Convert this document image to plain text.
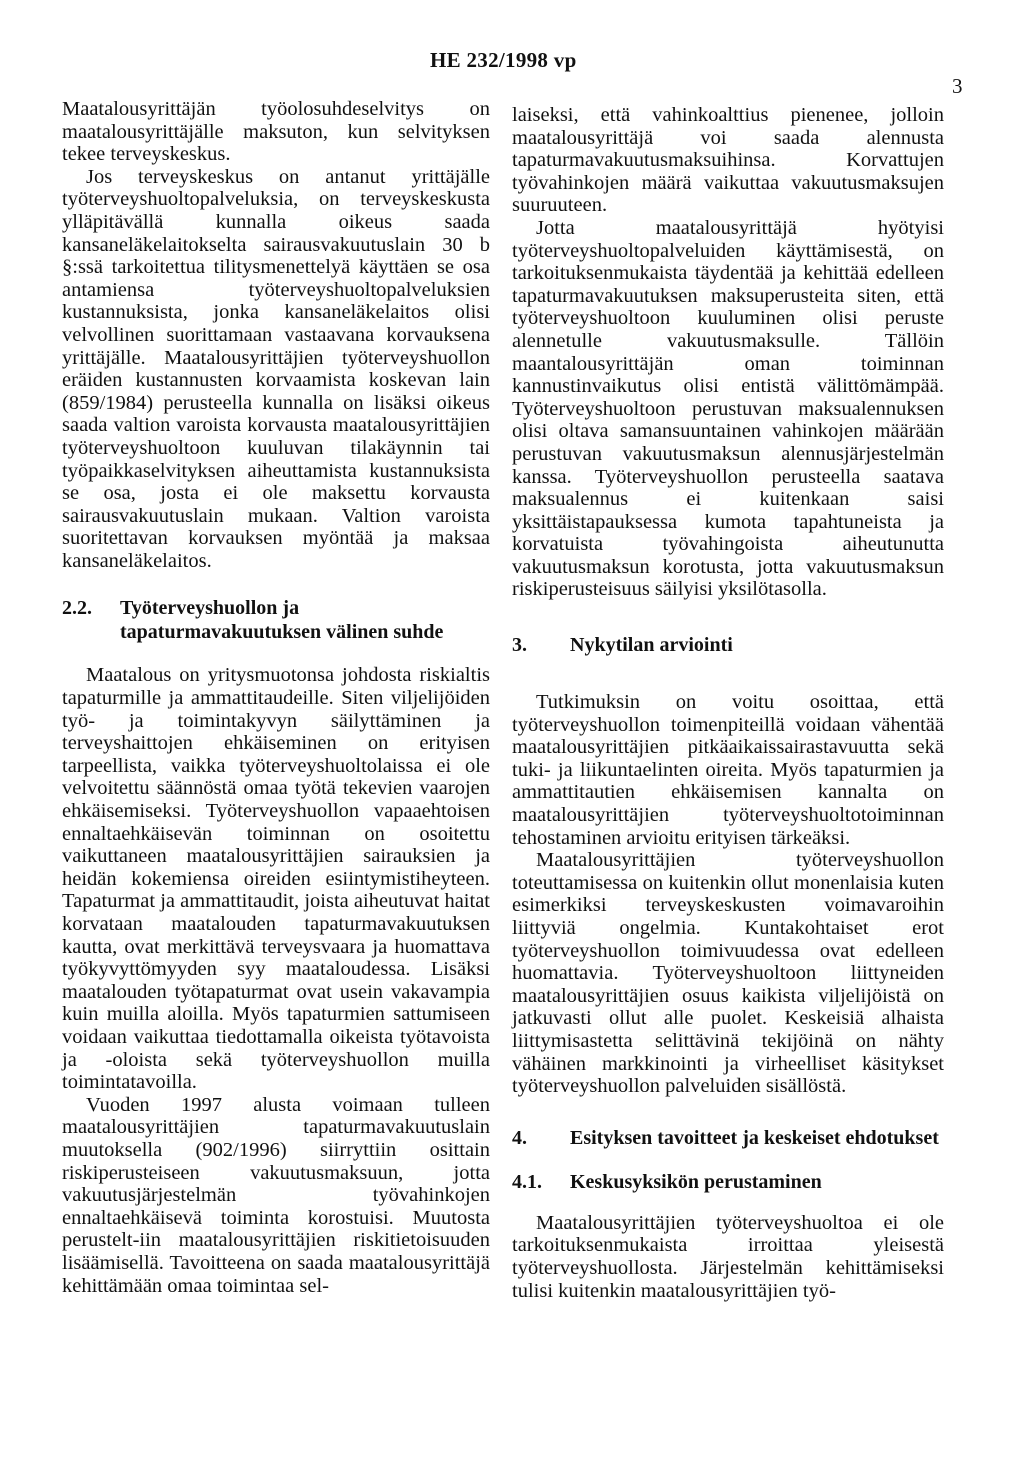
HE 232/1998 vp
3

Maatalousyrittäjän työolosuhdeselvitys on maatalousyrittäjälle maksuton, kun selvityksen tekee terveyskeskus.

Jos terveyskeskus on antanut yrittäjälle työterveyshuoltopalveluksia, on terveyskeskusta ylläpitävällä kunnalla oikeus saada kansaneläkelaitokselta sairausvakuutuslain 30 b §:ssä tarkoitettua tilitysmenettelyä käyttäen se osa antamiensa työterveyshuoltopalveluksien kustannuksista, jonka kansaneläkelaitos olisi velvollinen suorittamaan vastaavana korvauksena yrittäjälle. Maatalousyrittäjien työterveyshuollon eräiden kustannusten korvaamista koskevan lain (859/1984) perusteella kunnalla on lisäksi oikeus saada valtion varoista korvausta maatalousyrittäjien työterveyshuoltoon kuuluvan tilakäynnin tai työpaikkaselvityksen aiheuttamista kustannuksista se osa, josta ei ole maksettu korvausta sairausvakuutuslain mukaan. Valtion varoista suoritettavan korvauksen myöntää ja maksaa kansaneläkelaitos.

2.2.	Työterveyshuollon ja tapaturmavakuutuksen välinen suhde

Maatalous on yritysmuotonsa johdosta riskialtis tapaturmille ja ammattitaudeille. Siten viljelijöiden työ- ja toimintakyvyn säilyttäminen ja terveyshaittojen ehkäiseminen on erityisen tarpeellista, vaikka työterveyshuoltolaissa ei ole velvoitettu säännöstä omaa työtä tekevien vaarojen ehkäisemiseksi. Työterveyshuollon vapaaehtoisen ennaltaehkäisevän toiminnan on osoitettu vaikuttaneen maatalousyrittäjien sairauksien ja heidän kokemiensa oireiden esiintymistiheyteen. Tapaturmat ja ammattitaudit, joista aiheutuvat haitat korvataan maatalouden tapaturmavakuutuksen kautta, ovat merkittävä terveysvaara ja huomattava työkyvyttömyyden syy maataloudessa. Lisäksi maatalouden työtapaturmat ovat usein vakavampia kuin muilla aloilla. Myös tapaturmien sattumiseen voidaan vaikuttaa tiedottamalla oikeista työtavoista ja -oloista sekä työterveyshuollon muilla toimintatavoilla.

Vuoden 1997 alusta voimaan tulleen maatalousyrittäjien tapaturmavakuutuslain muutoksella (902/1996) siirryttiin osittain riskiperusteiseen vakuutusmaksuun, jotta vakuutusjärjestelmän työvahinkojen ennaltaehkäisevä toiminta korostuisi. Muutosta perustelt-iin maatalousyrittäjien riskitietoisuuden lisäämisellä. Tavoitteena on saada maatalousyrittäjä kehittämään omaa toimintaa sel-

laiseksi, että vahinkoalttius pienenee, jolloin maatalousyrittäjä voi saada alennusta tapaturmavakuutusmaksuihinsa. Korvattujen työvahinkojen määrä vaikuttaa vakuutusmaksujen suuruuteen.

Jotta maatalousyrittäjä hyötyisi työterveyshuoltopalveluiden käyttämisestä, on tarkoituksenmukaista täydentää ja kehittää edelleen tapaturmavakuutuksen maksuperusteita siten, että työterveyshuoltoon kuuluminen olisi peruste alennetulle vakuutusmaksulle. Tällöin maantalousyrittäjän oman toiminnan kannustinvaikutus olisi entistä välittömämpää. Työterveyshuoltoon perustuvan maksualennuksen olisi oltava samansuuntainen vahinkojen määrään perustuvan vakuutusmaksun alennusjärjestelmän kanssa. Työterveyshuollon perusteella saatava maksualennus ei kuitenkaan saisi yksittäistapauksessa kumota tapahtuneista ja korvatuista työvahingoista aiheutunutta vakuutusmaksun korotusta, jotta vakuutusmaksun riskiperusteisuus säilyisi yksilötasolla.

3.	Nykytilan arviointi

Tutkimuksin on voitu osoittaa, että työterveyshuollon toimenpiteillä voidaan vähentää maatalousyrittäjien pitkäaikaissairastavuutta sekä tuki- ja liikuntaelinten oireita. Myös tapaturmien ja ammattitautien ehkäisemisen kannalta on maatalousyrittäjien työterveyshuoltotoiminnan tehostaminen arvioitu erityisen tärkeäksi.

Maatalousyrittäjien työterveyshuollon toteuttamisessa on kuitenkin ollut monenlaisia kuten esimerkiksi terveyskeskusten voimavaroihin liittyviä ongelmia. Kuntakohtaiset erot työterveyshuollon toimivuudessa ovat edelleen huomattavia. Työterveyshuoltoon liittyneiden maatalousyrittäjien osuus kaikista viljelijöistä on jatkuvasti ollut alle puolet. Keskeisiä alhaista liittymisastetta selittävinä tekijöinä on nähty vähäinen markkinointi ja virheelliset käsitykset työterveyshuollon palveluiden sisällöstä.

4.	Esityksen tavoitteet ja keskeiset ehdotukset
4.1.	Keskusyksikön perustaminen

Maatalousyrittäjien työterveyshuoltoa ei ole tarkoituksenmukaista irroittaa yleisestä työterveyshuollosta. Järjestelmän kehittämiseksi tulisi kuitenkin maatalousyrittäjien työ-
